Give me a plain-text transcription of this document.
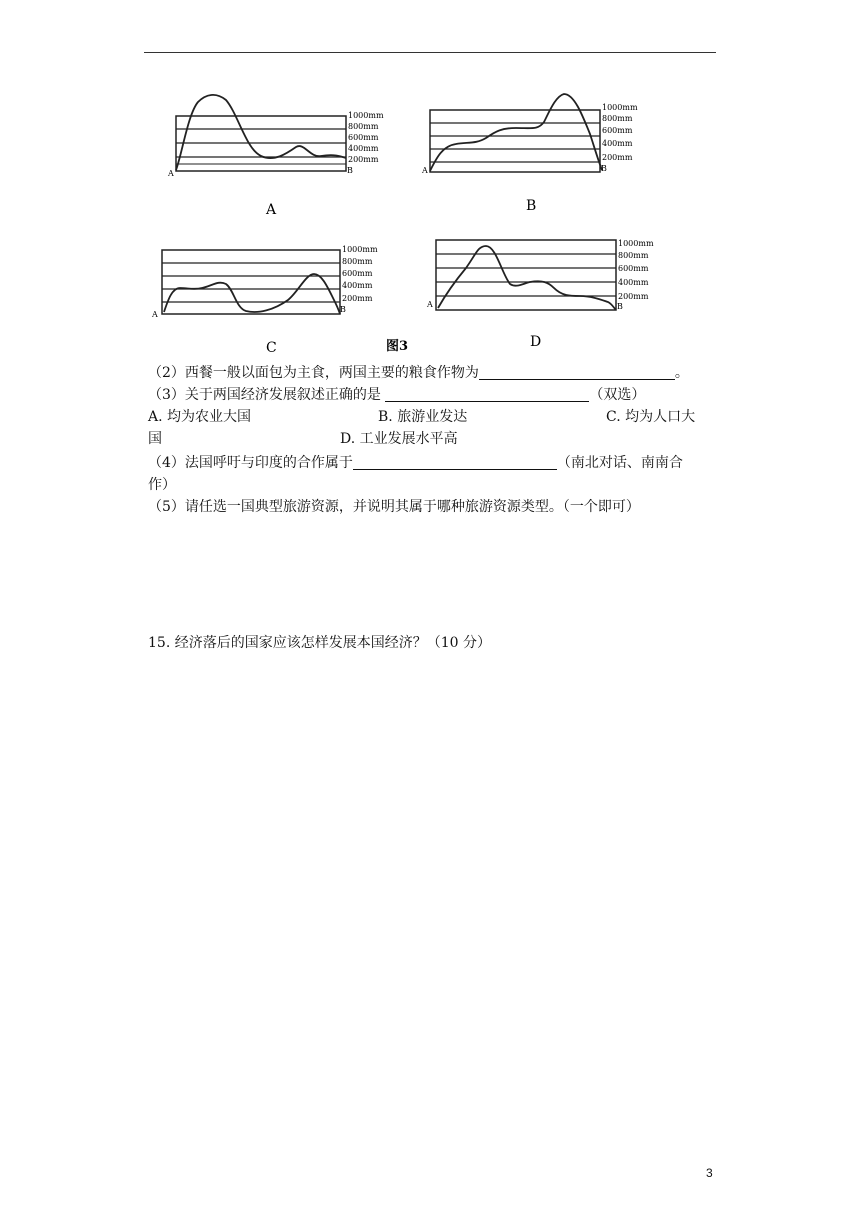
1000mm
800mm
600mm
400mm
200mm
A	B
A
1000mm
800mm
600mm
400mm
200mm
A	B
B
1000mm
800mm
600mm
400mm
200mm
A
B
C
1000mm
800mm
600mm
400mm
200mm
A	B
D
图3
（2）西餐一般以面包为主食，两国主要的粮食作物为	。
（3）关于两国经济发展叙述正确的是	（双选）
A. 均为农业大国	B. 旅游业发达	C. 均为人口大
国	D. 工业发展水平高
（4）法国呼吁与印度的合作属于	（南北对话、南南合
作）
（5）请任选一国典型旅游资源，并说明其属于哪种旅游资源类型。（一个即可）
15. 经济落后的国家应该怎样发展本国经济？（10 分）
3
